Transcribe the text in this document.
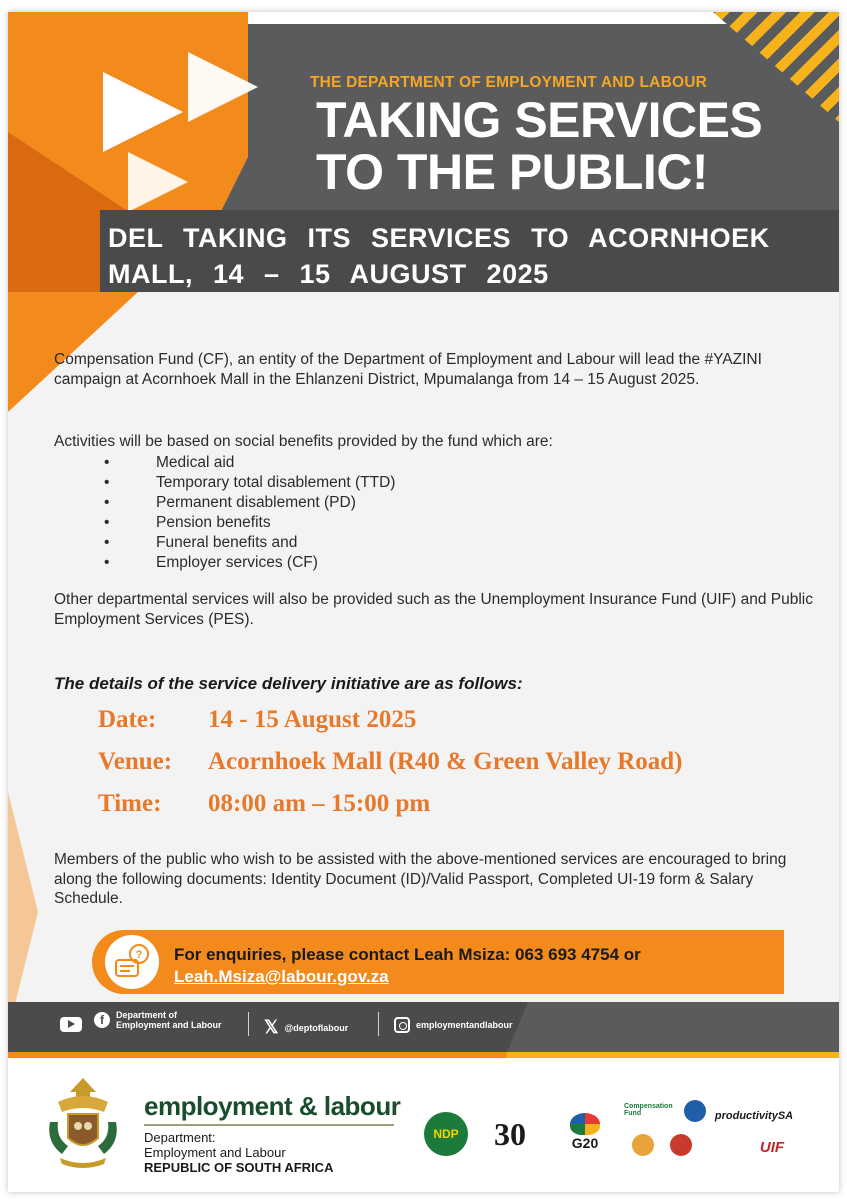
THE DEPARTMENT OF EMPLOYMENT AND LABOUR
TAKING SERVICES
TO THE PUBLIC!
DEL TAKING ITS SERVICES TO ACORNHOEK MALL, 14 – 15 AUGUST 2025

Compensation Fund (CF), an entity of the Department of Employment and Labour will lead the #YAZINI campaign at Acornhoek Mall in the Ehlanzeni District, Mpumalanga from 14 – 15 August 2025.

Activities will be based on social benefits provided by the fund which are:

• Medical aid
• Temporary total disablement (TTD)
• Permanent disablement (PD)
• Pension benefits
• Funeral benefits and
• Employer services (CF)

Other departmental services will also be provided such as the Unemployment Insurance Fund (UIF) and Public Employment Services (PES).

The details of the service delivery initiative are as follows:
Date: 14 - 15 August 2025
Venue: Acornhoek Mall (R40 & Green Valley Road)
Time: 08:00 am – 15:00 pm

Members of the public who wish to be assisted with the above-mentioned services are encouraged to bring along the following documents: Identity Document (ID)/Valid Passport, Completed UI-19 form & Salary Schedule.

? For enquiries, please contact Leah Msiza: 063 693 4754 or
Leah.Msiza@labour.gov.za
f	Department of
Employment and Labour 𝕏 @deptoflabour	employmentandlabour
employment & labour
Department:
Employment and Labour
REPUBLIC OF SOUTH AFRICA
NDP	30	G20
Compensation Fund	productivitySA
UIF
